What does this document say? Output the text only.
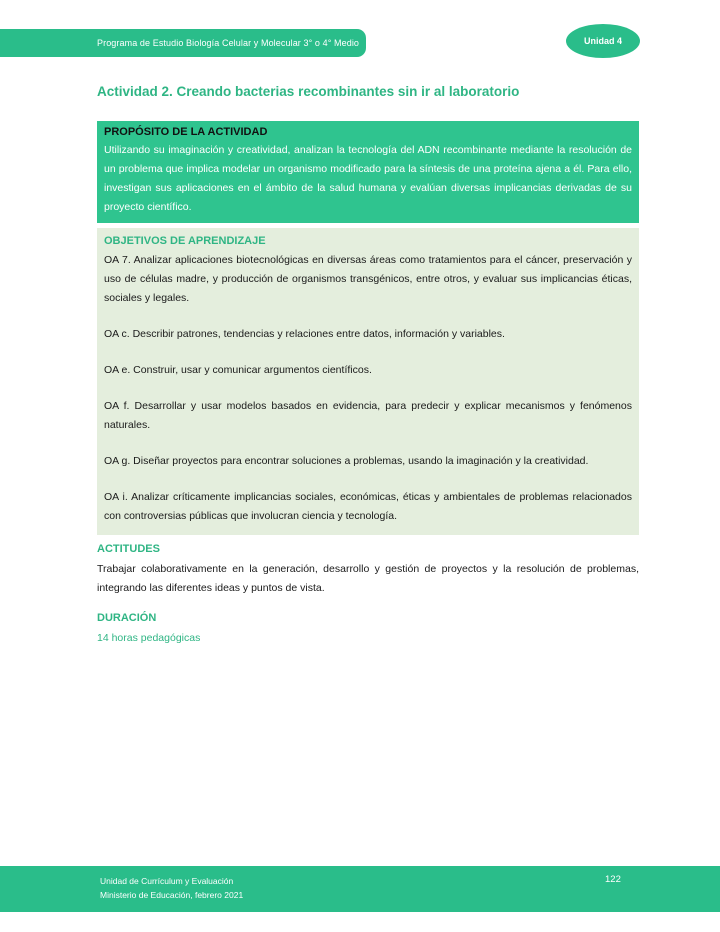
Programa de Estudio Biología Celular y Molecular 3° o 4° Medio	Unidad 4
Actividad 2. Creando bacterias recombinantes sin ir al laboratorio
PROPÓSITO DE LA ACTIVIDAD

Utilizando su imaginación y creatividad, analizan la tecnología del ADN recombinante mediante la resolución de un problema que implica modelar un organismo modificado para la síntesis de una proteína ajena a él. Para ello, investigan sus aplicaciones en el ámbito de la salud humana y evalúan diversas implicancias derivadas de su proyecto científico.

OBJETIVOS DE APRENDIZAJE

OA 7. Analizar aplicaciones biotecnológicas en diversas áreas como tratamientos para el cáncer, preservación y uso de células madre, y producción de organismos transgénicos, entre otros, y evaluar sus implicancias éticas, sociales y legales.

OA c. Describir patrones, tendencias y relaciones entre datos, información y variables.

OA e. Construir, usar y comunicar argumentos científicos.

OA f. Desarrollar y usar modelos basados en evidencia, para predecir y explicar mecanismos y fenómenos naturales.

OA g. Diseñar proyectos para encontrar soluciones a problemas, usando la imaginación y la creatividad.

OA i. Analizar críticamente implicancias sociales, económicas, éticas y ambientales de problemas relacionados con controversias públicas que involucran ciencia y tecnología.

ACTITUDES

Trabajar colaborativamente en la generación, desarrollo y gestión de proyectos y la resolución de problemas, integrando las diferentes ideas y puntos de vista.

DURACIÓN

14 horas pedagógicas

Unidad de Currículum y Evaluación
Ministerio de Educación, febrero 2021
122
